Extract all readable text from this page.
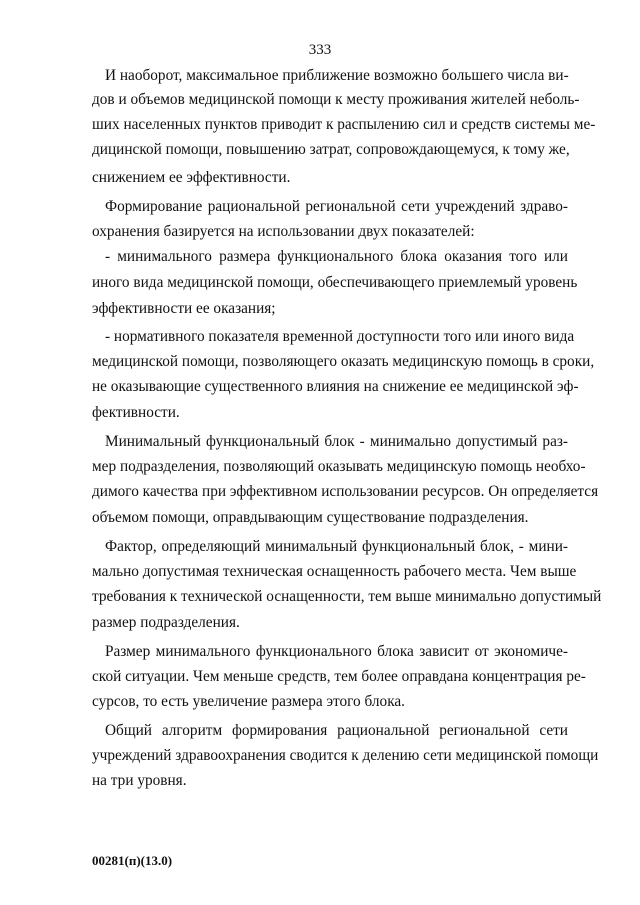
333
И наоборот, максимальное приближение возможно большего числа ви-
дов и объемов медицинской помощи к месту проживания жителей неболь-
ших населенных пунктов приводит к распылению сил и средств системы ме-
дицинской помощи, повышению затрат, сопровождающемуся, к тому же,
снижением ее эффективности.
Формирование рациональной региональной сети учреждений здраво-
охранения базируется на использовании двух показателей:
- минимального размера функционального блока оказания того или
иного вида медицинской помощи, обеспечивающего приемлемый уровень
эффективности ее оказания;
- нормативного показателя временной доступности того или иного вида
медицинской помощи, позволяющего оказать медицинскую помощь в сроки,
не оказывающие существенного влияния на снижение ее медицинской эф-
фективности.
Минимальный функциональный блок - минимально допустимый раз-
мер подразделения, позволяющий оказывать медицинскую помощь необхо-
димого качества при эффективном использовании ресурсов. Он определяется
объемом помощи, оправдывающим существование подразделения.
Фактор, определяющий минимальный функциональный блок, - мини-
мально допустимая техническая оснащенность рабочего места. Чем выше
требования к технической оснащенности, тем выше минимально допустимый
размер подразделения.
Размер минимального функционального блока зависит от экономиче-
ской ситуации. Чем меньше средств, тем более оправдана концентрация ре-
сурсов, то есть увеличение размера этого блока.
Общий алгоритм формирования рациональной региональной сети
учреждений здравоохранения сводится к делению сети медицинской помощи
на три уровня.
00281(п)(13.0)
